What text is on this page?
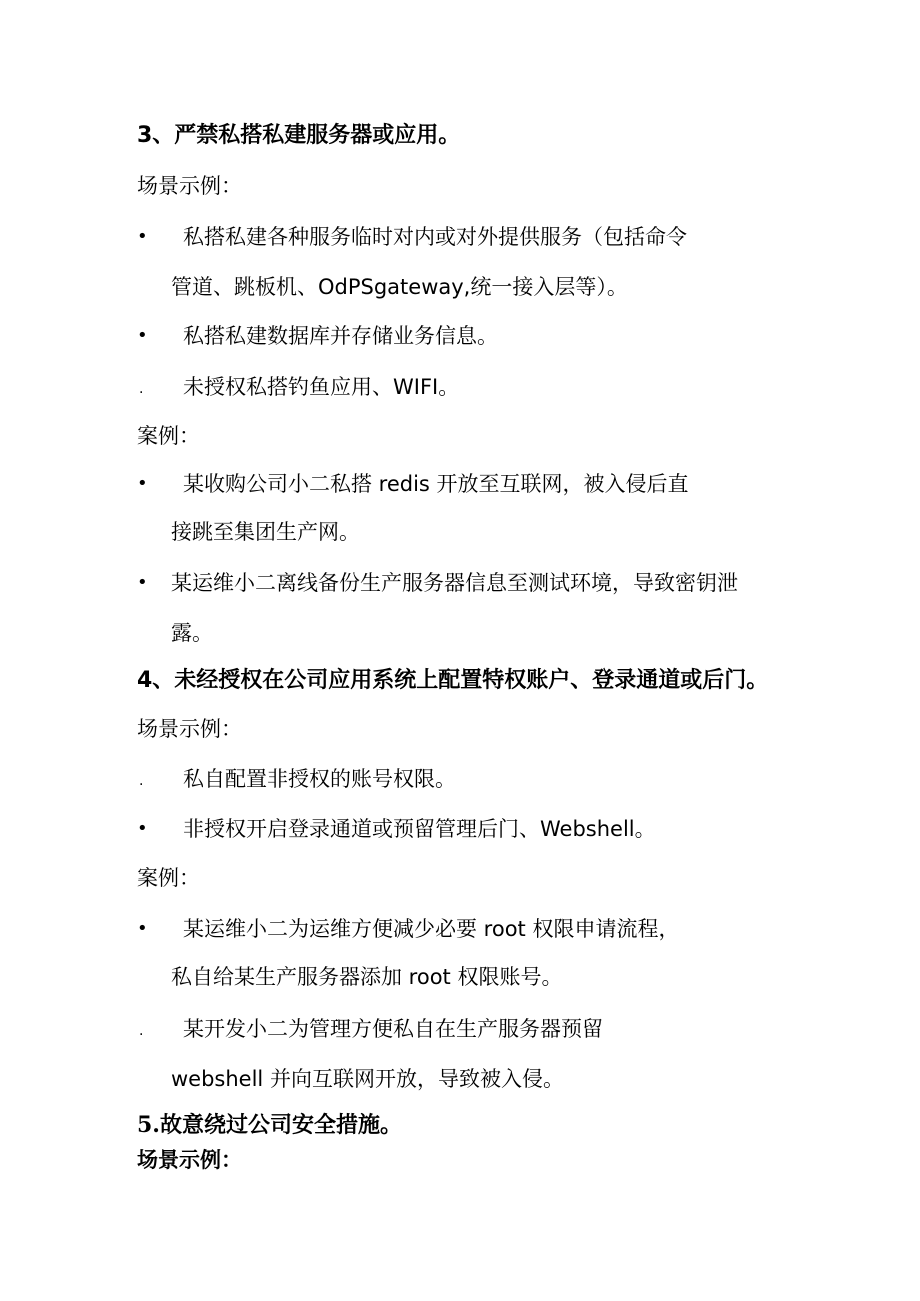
3、严禁私搭私建服务器或应用。
场景示例：
• 私搭私建各种服务临时对内或对外提供服务（包括命令
管道、跳板机、OdPSgateway,统一接入层等）。
• 私搭私建数据库并存储业务信息。
. 未授权私搭钓鱼应用、WIFI。
案例：
• 某收购公司小二私搭 redis 开放至互联网，被入侵后直
接跳至集团生产网。
• 某运维小二离线备份生产服务器信息至测试环境，导致密钥泄
露。
4、未经授权在公司应用系统上配置特权账户、登录通道或后门。
场景示例：
. 私自配置非授权的账号权限。
• 非授权开启登录通道或预留管理后门、Webshell。
案例：
• 某运维小二为运维方便减少必要 root 权限申请流程，
私自给某生产服务器添加 root 权限账号。
. 某开发小二为管理方便私自在生产服务器预留
webshell 并向互联网开放，导致被入侵。
5.故意绕过公司安全措施。
场景示例：
